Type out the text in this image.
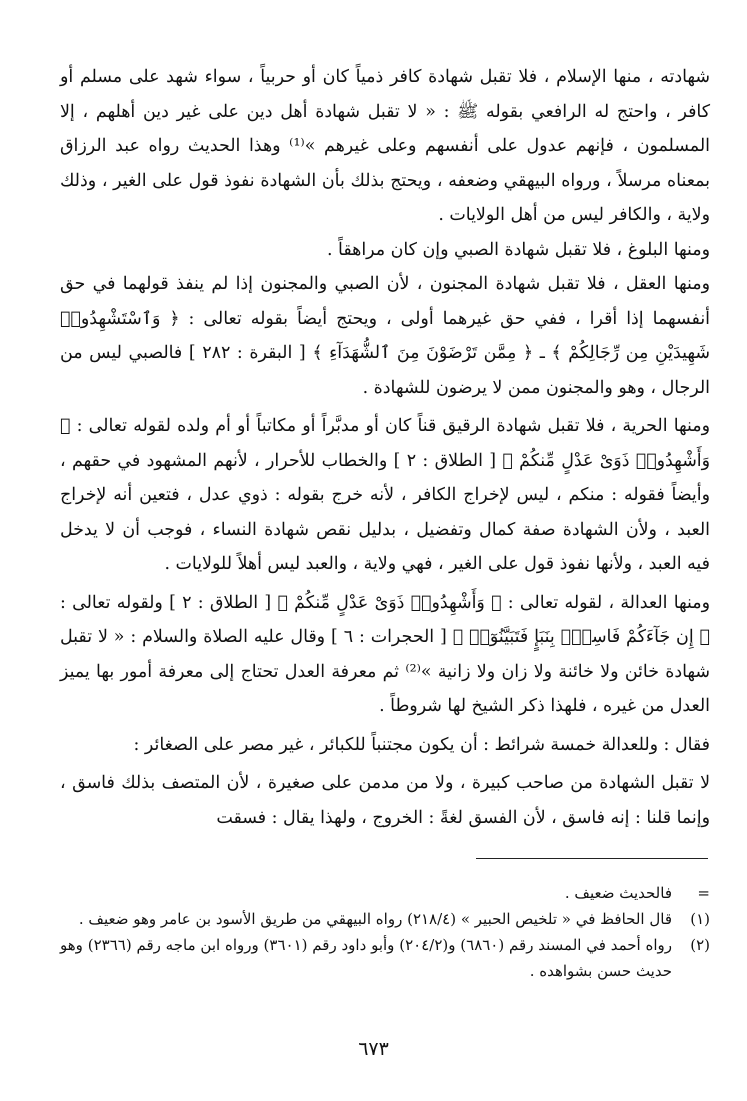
شهادته ، منها الإسلام ، فلا تقبل شهادة كافر ذمياً كان أو حربياً ، سواء شهد على مسلم أو كافر ، واحتج له الرافعي بقوله ﷺ : « لا تقبل شهادة أهل دين على غير دين أهلهم ، إلا المسلمون ، فإنهم عدول على أنفسهم وعلى غيرهم »⁽¹⁾ وهذا الحديث رواه عبد الرزاق بمعناه مرسلاً ، ورواه البيهقي وضعفه ، ويحتج بذلك بأن الشهادة نفوذ قول على الغير ، وذلك ولاية ، والكافر ليس من أهل الولايات .

ومنها البلوغ ، فلا تقبل شهادة الصبي وإن كان مراهقاً .

ومنها العقل ، فلا تقبل شهادة المجنون ، لأن الصبي والمجنون إذا لم ينفذ قولهما في حق أنفسهما إذا أقرا ، ففي حق غيرهما أولى ، ويحتج أيضاً بقوله تعالى : ﴿ وَٱسْتَشْهِدُوا۟ شَهِيدَيْنِ مِن رِّجَالِكُمْ ﴾ ـ ﴿ مِمَّن تَرْضَوْنَ مِنَ ٱلشُّهَدَآءِ ﴾ [ البقرة : ٢٨٢ ] فالصبي ليس من الرجال ، وهو والمجنون ممن لا يرضون للشهادة .

ومنها الحرية ، فلا تقبل شهادة الرقيق قناً كان أو مدبَّراً أو مكاتباً أو أم ولده لقوله تعالى : ﴿ وَأَشْهِدُوا۟ ذَوَىْ عَدْلٍ مِّنكُمْ ﴾ [ الطلاق : ٢ ] والخطاب للأحرار ، لأنهم المشهود في حقهم ، وأيضاً فقوله : منكم ، ليس لإخراج الكافر ، لأنه خرج بقوله : ذوي عدل ، فتعين أنه لإخراج العبد ، ولأن الشهادة صفة كمال وتفضيل ، بدليل نقص شهادة النساء ، فوجب أن لا يدخل فيه العبد ، ولأنها نفوذ قول على الغير ، فهي ولاية ، والعبد ليس أهلاً للولايات .

ومنها العدالة ، لقوله تعالى : ﴿ وَأَشْهِدُوا۟ ذَوَىْ عَدْلٍ مِّنكُمْ ﴾ [ الطلاق : ٢ ] ولقوله تعالى : ﴿ إِن جَآءَكُمْ فَاسِقٌۢ بِنَبَإٍ فَتَبَيَّنُوٓا۟ ﴾ [ الحجرات : ٦ ] وقال عليه الصلاة والسلام : « لا تقبل شهادة خائن ولا خائنة ولا زان ولا زانية »⁽²⁾ ثم معرفة العدل تحتاج إلى معرفة أمور بها يميز العدل من غيره ، فلهذا ذكر الشيخ لها شروطاً .

فقال : وللعدالة خمسة شرائط : أن يكون مجتنباً للكبائر ، غير مصر على الصغائر :

لا تقبل الشهادة من صاحب كبيرة ، ولا من مدمن على صغيرة ، لأن المتصف بذلك فاسق ، وإنما قلنا : إنه فاسق ، لأن الفسق لغةً : الخروج ، ولهذا يقال : فسقت

=
فالحديث ضعيف .
(١)
قال الحافظ في « تلخيص الحبير » (٢١٨/٤) رواه البيهقي من طريق الأسود بن عامر وهو ضعيف .
(٢)
رواه أحمد في المسند رقم (٦٨٦٠) و(٢٠٤/٢) وأبو داود رقم (٣٦٠١) ورواه ابن ماجه رقم (٢٣٦٦) وهو حديث حسن بشواهده .
٦٧٣
